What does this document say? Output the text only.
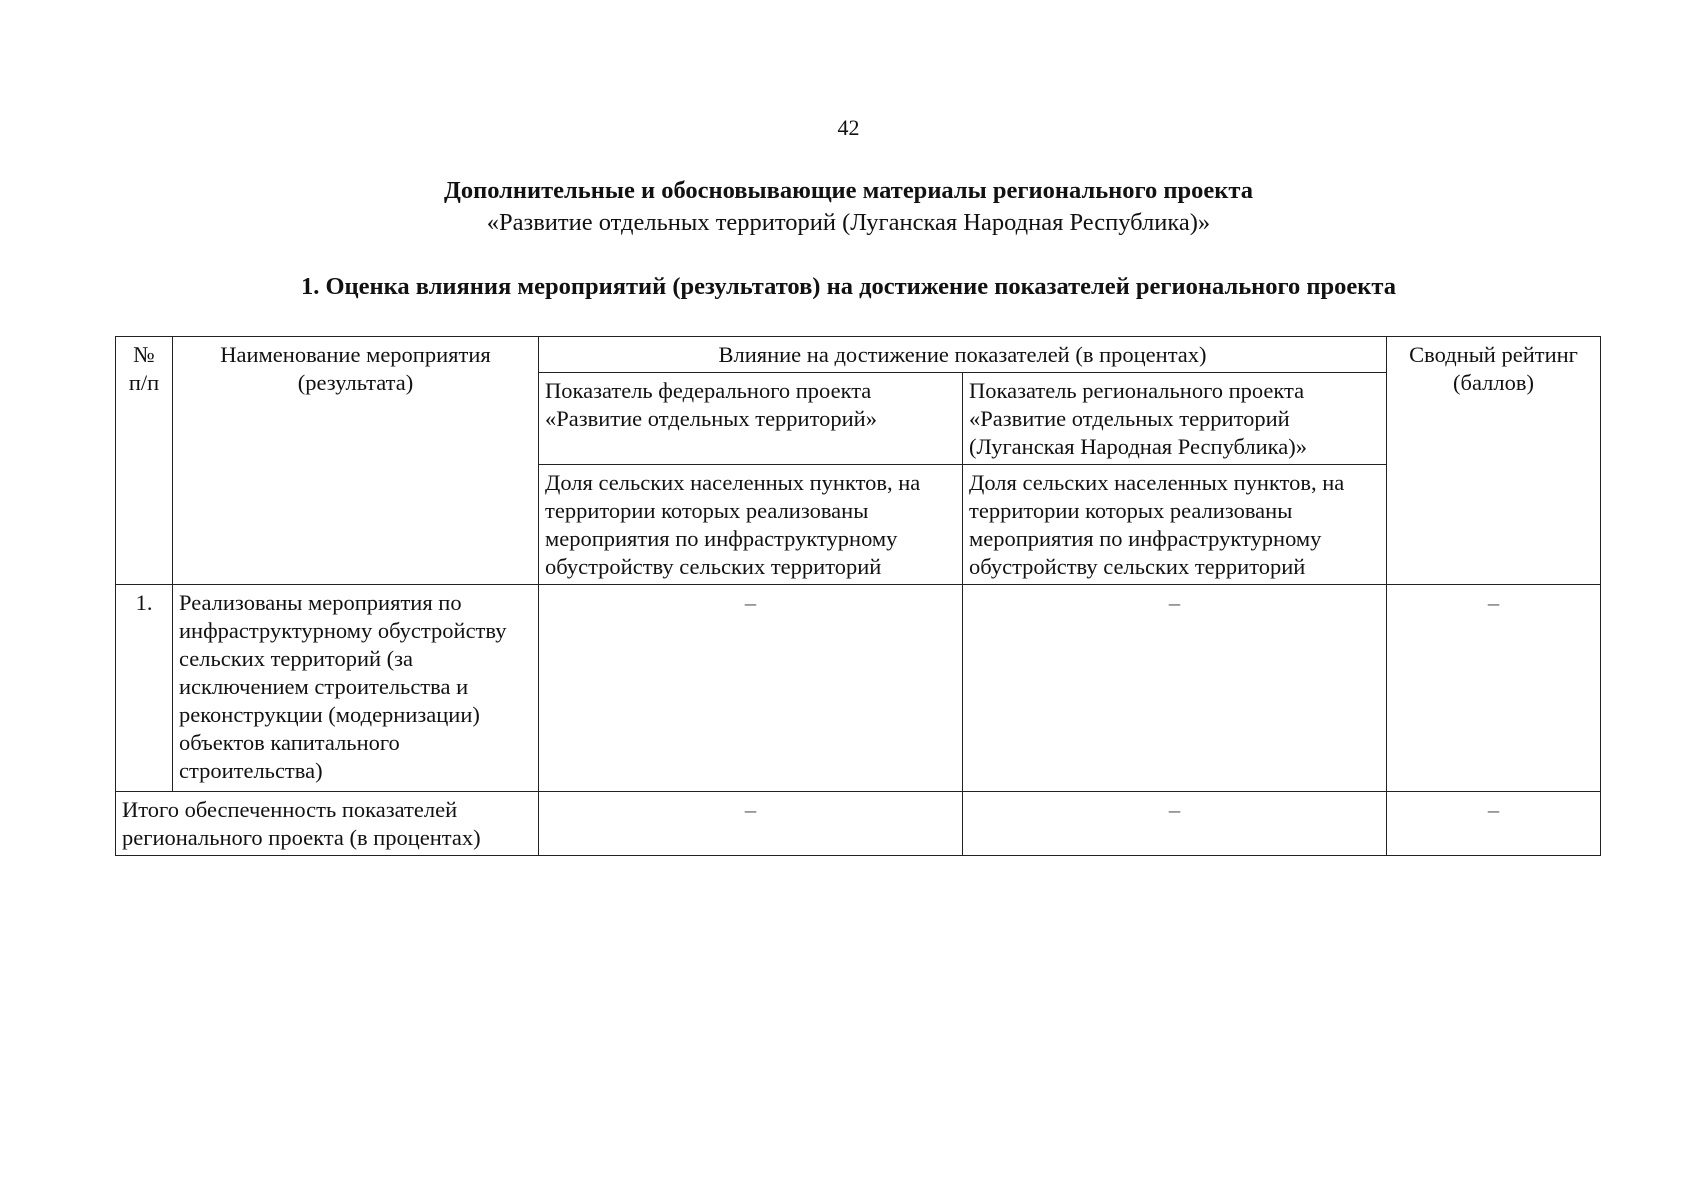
42
Дополнительные и обосновывающие материалы регионального проекта
«Развитие отдельных территорий (Луганская Народная Республика)»
1. Оценка влияния мероприятий (результатов) на достижение показателей регионального проекта
№ п/п	Наименование мероприятия (результата)	Влияние на достижение показателей (в процентах)		Сводный рейтинг (баллов)
		Показатель федерального проекта «Развитие отдельных территорий»	Показатель регионального проекта «Развитие отдельных территорий (Луганская Народная Республика)»	
		Доля сельских населенных пунктов, на территории которых реализованы мероприятия по инфраструктурному обустройству сельских территорий	Доля сельских населенных пунктов, на территории которых реализованы мероприятия по инфраструктурному обустройству сельских территорий	
1.	Реализованы мероприятия по инфраструктурному обустройству сельских территорий (за исключением строительства и реконструкции (модернизации) объектов капитального строительства)	–	–	–
Итого обеспеченность показателей регионального проекта (в процентах)		–	–	–
